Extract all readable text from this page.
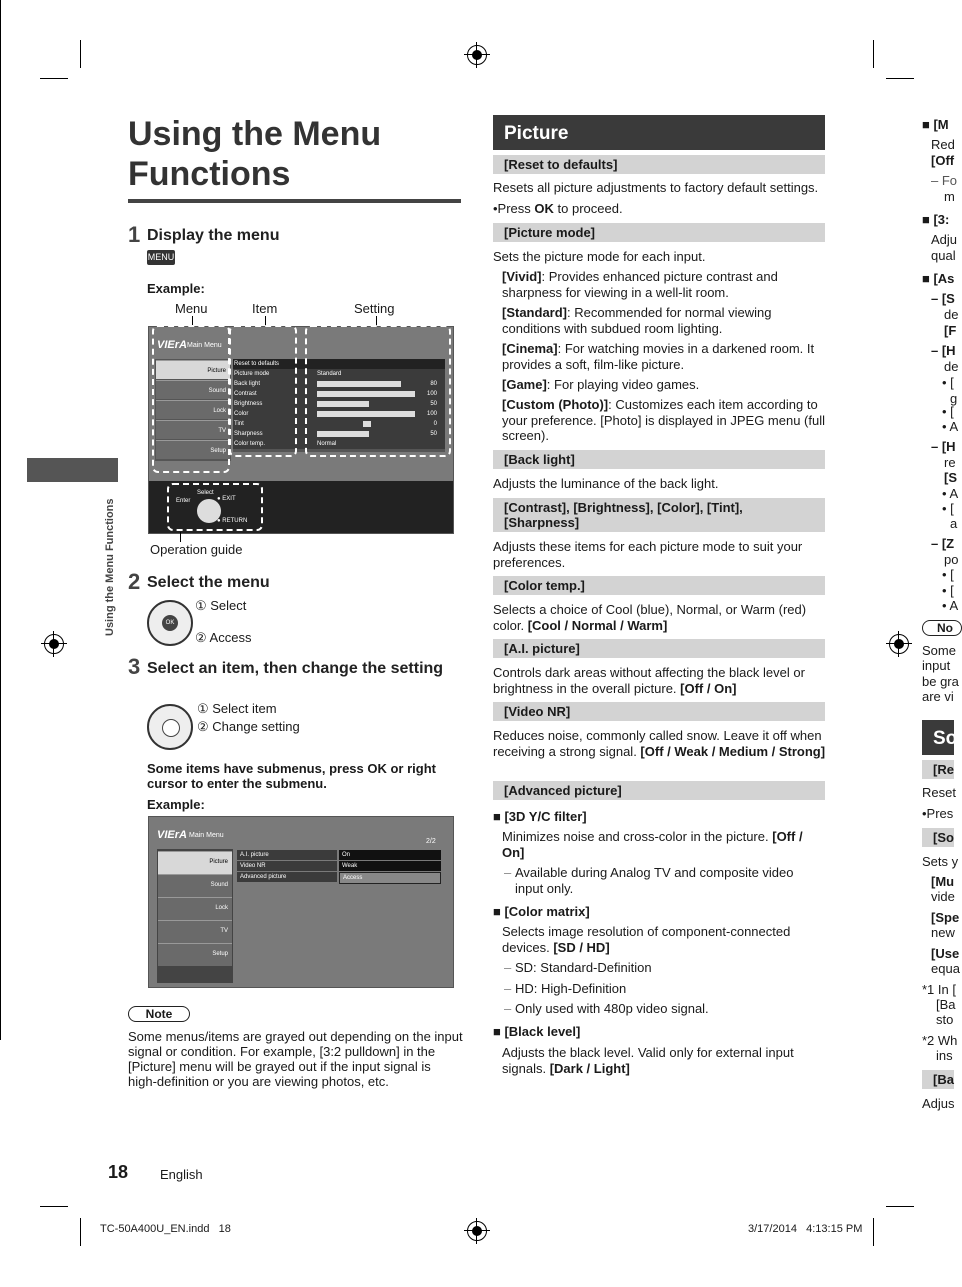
Using the Menu Functions
Using the Menu Functions
1 Display the menu
MENU
Example:
Menu	Item	Setting
VIErA Main Menu
Picture
Sound
Lock
TV
Setup
Reset to defaults
Picture mode	Standard
Back light	80
Contrast	100
Brightness	50
Color	100
Tint	0
Sharpness	50
Color temp.	Normal
Select
Enter	● EXIT
● RETURN
Operation guide
2 Select the menu
OK
① Select
② Access
3 Select an item, then change the setting
① Select item
② Change setting
Some items have submenus, press OK or right cursor to enter the submenu.
Example:
VIErA Main Menu
2/2
Picture
Sound
Lock
TV
Setup
A.I. picture	On
Video NR	Weak
Advanced picture	Access
Note
Some menus/items are grayed out depending on the input signal or condition. For example, [3:2 pulldown] in the [Picture] menu will be grayed out if the input signal is high-definition or you are viewing photos, etc.
Picture
[Reset to defaults]
Resets all picture adjustments to factory default settings.
•Press OK to proceed.
[Picture mode]
Sets the picture mode for each input.
[Vivid]: Provides enhanced picture contrast and sharpness for viewing in a well-lit room.
[Standard]: Recommended for normal viewing conditions with subdued room lighting.
[Cinema]: For watching movies in a darkened room. It provides a soft, film-like picture.
[Game]: For playing video games.
[Custom (Photo)]: Customizes each item according to your preference. [Photo] is displayed in JPEG menu (full screen).
[Back light]
Adjusts the luminance of the back light.
[Contrast], [Brightness], [Color], [Tint], [Sharpness]
Adjusts these items for each picture mode to suit your preferences.
[Color temp.]
Selects a choice of Cool (blue), Normal, or Warm (red) color. [Cool / Normal / Warm]
[A.I. picture]
Controls dark areas without affecting the black level or brightness in the overall picture. [Off / On]
[Video NR]
Reduces noise, commonly called snow. Leave it off when receiving a strong signal. [Off / Weak / Medium / Strong]
[Advanced picture]
■ [3D Y/C filter]
Minimizes noise and cross-color in the picture. [Off / On]
– Available during Analog TV and composite video input only.
■ [Color matrix]
Selects image resolution of component-connected devices. [SD / HD]
– SD: Standard-Definition
– HD: High-Definition
– Only used with 480p video signal.
■ [Black level]
Adjusts the black level. Valid only for external input signals. [Dark / Light]
■ [M
Red
[Off
– Fo
m
■ [3:
Adju
qual
■ [As
– [S
de
[F
– [H
de
• [
g
• [
• A
– [H
re
[S
• A
• [
a
– [Z
po
• [
• [
• A
No
Some
input
be gra
are vi
So
[Re
Reset
•Pres
[So
Sets y
[Mu
vide
[Spe
new
[Use
equa
*1 In [
[Ba
sto
*2 Wh
ins
[Ba
Adjus
18 English
TC-50A400U_EN.indd   18	3/17/2014   4:13:15 PM
